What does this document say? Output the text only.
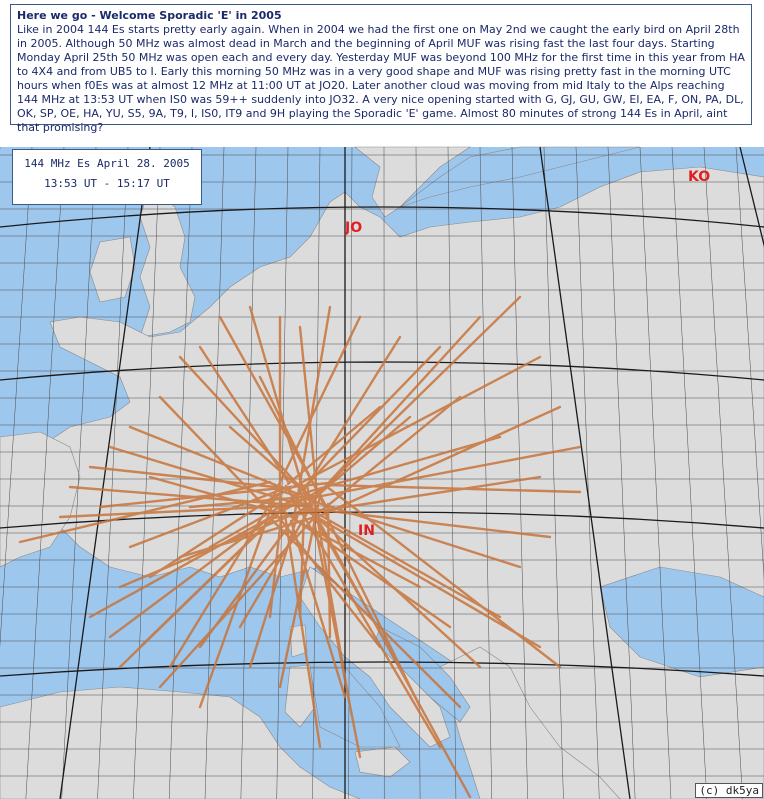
Here we go - Welcome Sporadic 'E' in 2005

Like in 2004 144 Es starts pretty early again. When in 2004 we had the first one on May 2nd we caught the early bird on April 28th in 2005. Although 50 MHz was almost dead in March and the beginning of April MUF was rising fast the last four days. Starting Monday April 25th 50 MHz was open each and every day. Yesterday MUF was beyond 100 MHz for the first time in this year from HA to 4X4 and from UB5 to I. Early this morning 50 MHz was in a very good shape and MUF was rising pretty fast in the morning UTC hours when f0Es was at almost 12 MHz at 11:00 UT at JO20. Later another cloud was moving from mid Italy to the Alps reaching 144 MHz at 13:53 UT when IS0 was 59++ suddenly into JO32. A very nice opening started with G, GJ, GU, GW, EI, EA, F, ON, PA, DL, OK, SP, OE, HA, YU, S5, 9A, T9, I, IS0, IT9 and 9H playing the Sporadic 'E' game. Almost 80 minutes of strong 144 Es in April, aint that promising?

JO
KO
IN
144 MHz Es April 28. 2005
13:53 UT - 15:17 UT
(c) dk5ya
